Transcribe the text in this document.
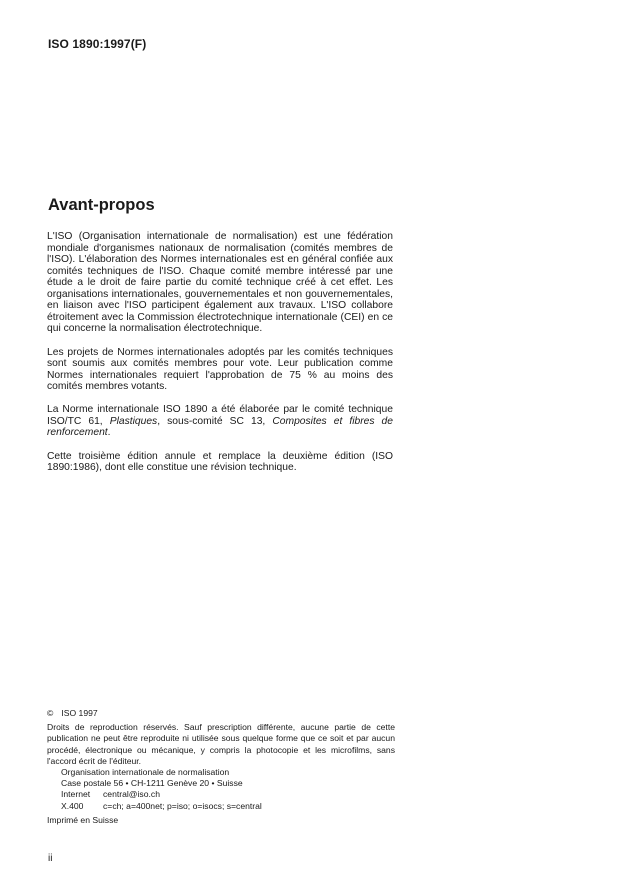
ISO 1890:1997(F)
Avant-propos

L'ISO (Organisation internationale de normalisation) est une fédération mondiale d'organismes nationaux de normalisation (comités membres de l'ISO). L'élaboration des Normes internationales est en général confiée aux comités techniques de l'ISO. Chaque comité membre intéressé par une étude a le droit de faire partie du comité technique créé à cet effet. Les organisations internationales, gouvernementales et non gouvernementales, en liaison avec l'ISO participent également aux travaux. L'ISO collabore étroitement avec la Commission électrotechnique internationale (CEI) en ce qui concerne la normalisation électrotechnique.

Les projets de Normes internationales adoptés par les comités techniques sont soumis aux comités membres pour vote. Leur publication comme Normes internationales requiert l'approbation de 75 % au moins des comités membres votants.

La Norme internationale ISO 1890 a été élaborée par le comité technique ISO/TC 61, Plastiques, sous-comité SC 13, Composites et fibres de renforcement.

Cette troisième édition annule et remplace la deuxième édition (ISO 1890:1986), dont elle constitue une révision technique.

© ISO 1997

Droits de reproduction réservés. Sauf prescription différente, aucune partie de cette publication ne peut être reproduite ni utilisée sous quelque forme que ce soit et par aucun procédé, électronique ou mécanique, y compris la photocopie et les microfilms, sans l'accord écrit de l'éditeur.

Organisation internationale de normalisation
Case postale 56 • CH-1211 Genève 20 • Suisse
Internet	central@iso.ch
X.400	c=ch; a=400net; p=iso; o=isocs; s=central
Imprimé en Suisse
ii
